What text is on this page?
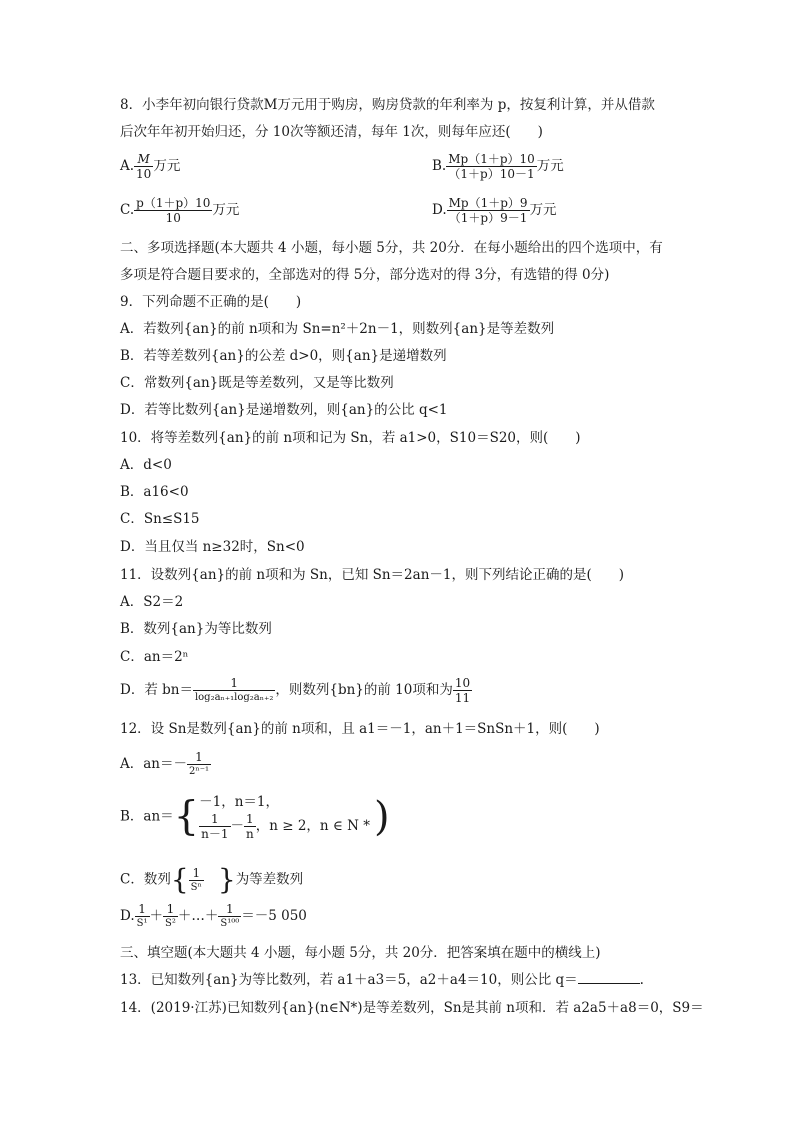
8．小李年初向银行贷款M万元用于购房，购房贷款的年利率为 p，按复利计算，并从借款
后次年年初开始归还，分 10次等额还清，每年 1次，则每年应还(　　)
A. $\frac{M}{10}$ 万元	B. $\frac{Mp(1+p)10}{(1+p)10-1}$ 万元
C. $\frac{p(1+p)10}{10}$ 万元	D. $\frac{Mp(1+p)9}{(1+p)9-1}$ 万元
二、多项选择题(本大题共 4 小题，每小题 5分，共 20分．在每小题给出的四个选项中，有
多项是符合题目要求的，全部选对的得 5分，部分选对的得 3分，有选错的得 0分)
9．下列命题不正确的是(　　)
A．若数列{an}的前 n项和为 Sn=n²＋2n－1，则数列{an}是等差数列
B．若等差数列{an}的公差 d>0，则{an}是递增数列
C．常数列{an}既是等差数列，又是等比数列
D．若等比数列{an}是递增数列，则{an}的公比 q<1
10．将等差数列{an}的前 n项和记为 Sn，若 a1>0，S10＝S20，则(　　)
A．d<0
B．a16<0
C．Sn≤S15
D．当且仅当 n≥32时，Sn<0
11．设数列{an}的前 n项和为 Sn，已知 Sn＝2an－1，则下列结论正确的是(　　)
A．S2＝2
B．数列{an}为等比数列
C．an＝2ⁿ
D．若 $bn= \frac{1}{\text{log₂aₙ₊₁log₂aₙ₊₂}}$ ，则数列{bn}的前 10项和为 $\frac{10}{11}$
12．设 Sn是数列{an}的前 n项和，且 a1＝－1，an＋1＝SnSn＋1，则(　　)
A．$an=- \frac{1}{\text{2ⁿ⁻¹}}$
B．an＝{ －1，n＝1，
$\frac{1}{n-1} - \frac{1}{n}$ ，n ≥ 2，n ∈ N * )
C．数列{ $\frac{1}{\text{Sⁿ}}$ }为等差数列
D. $\frac{1}{\text{S¹}} + \frac{1}{\text{S²}}$ ＋…＋ $\frac{1}{\text{S¹⁰⁰}} =-5$ 050
三、填空题(本大题共 4 小题，每小题 5分，共 20分．把答案填在题中的横线上)
13．已知数列{an}为等比数列，若 a1＋a3＝5，a2＋a4＝10，则公比 q＝	.
14．(2019·江苏)已知数列{an}(n∈N*)是等差数列，Sn是其前 n项和．若 a2a5＋a8＝0，S9＝
